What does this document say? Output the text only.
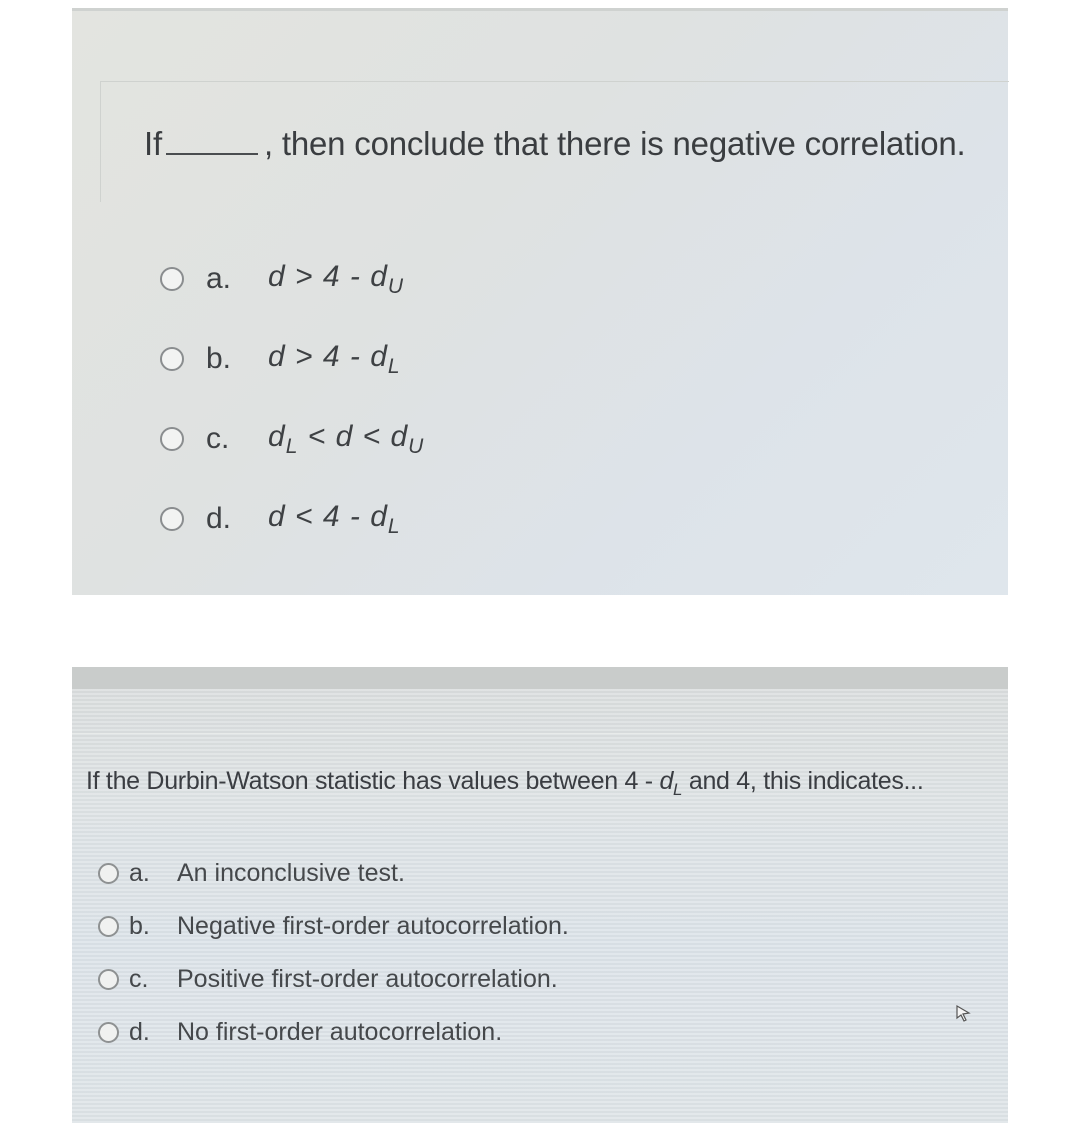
If	, then conclude that there is negative correlation.
a.	$d > 4 - d_U$
b.	$d > 4 - d_L$
c.	$d_L < d < d_U$
d.	$d < 4 - d_L$
If the Durbin-Watson statistic has values between $4 - d_L$ and 4, this indicates...
a.	An inconclusive test.
b.	Negative first-order autocorrelation.
c.	Positive first-order autocorrelation.
d.	No first-order autocorrelation.
